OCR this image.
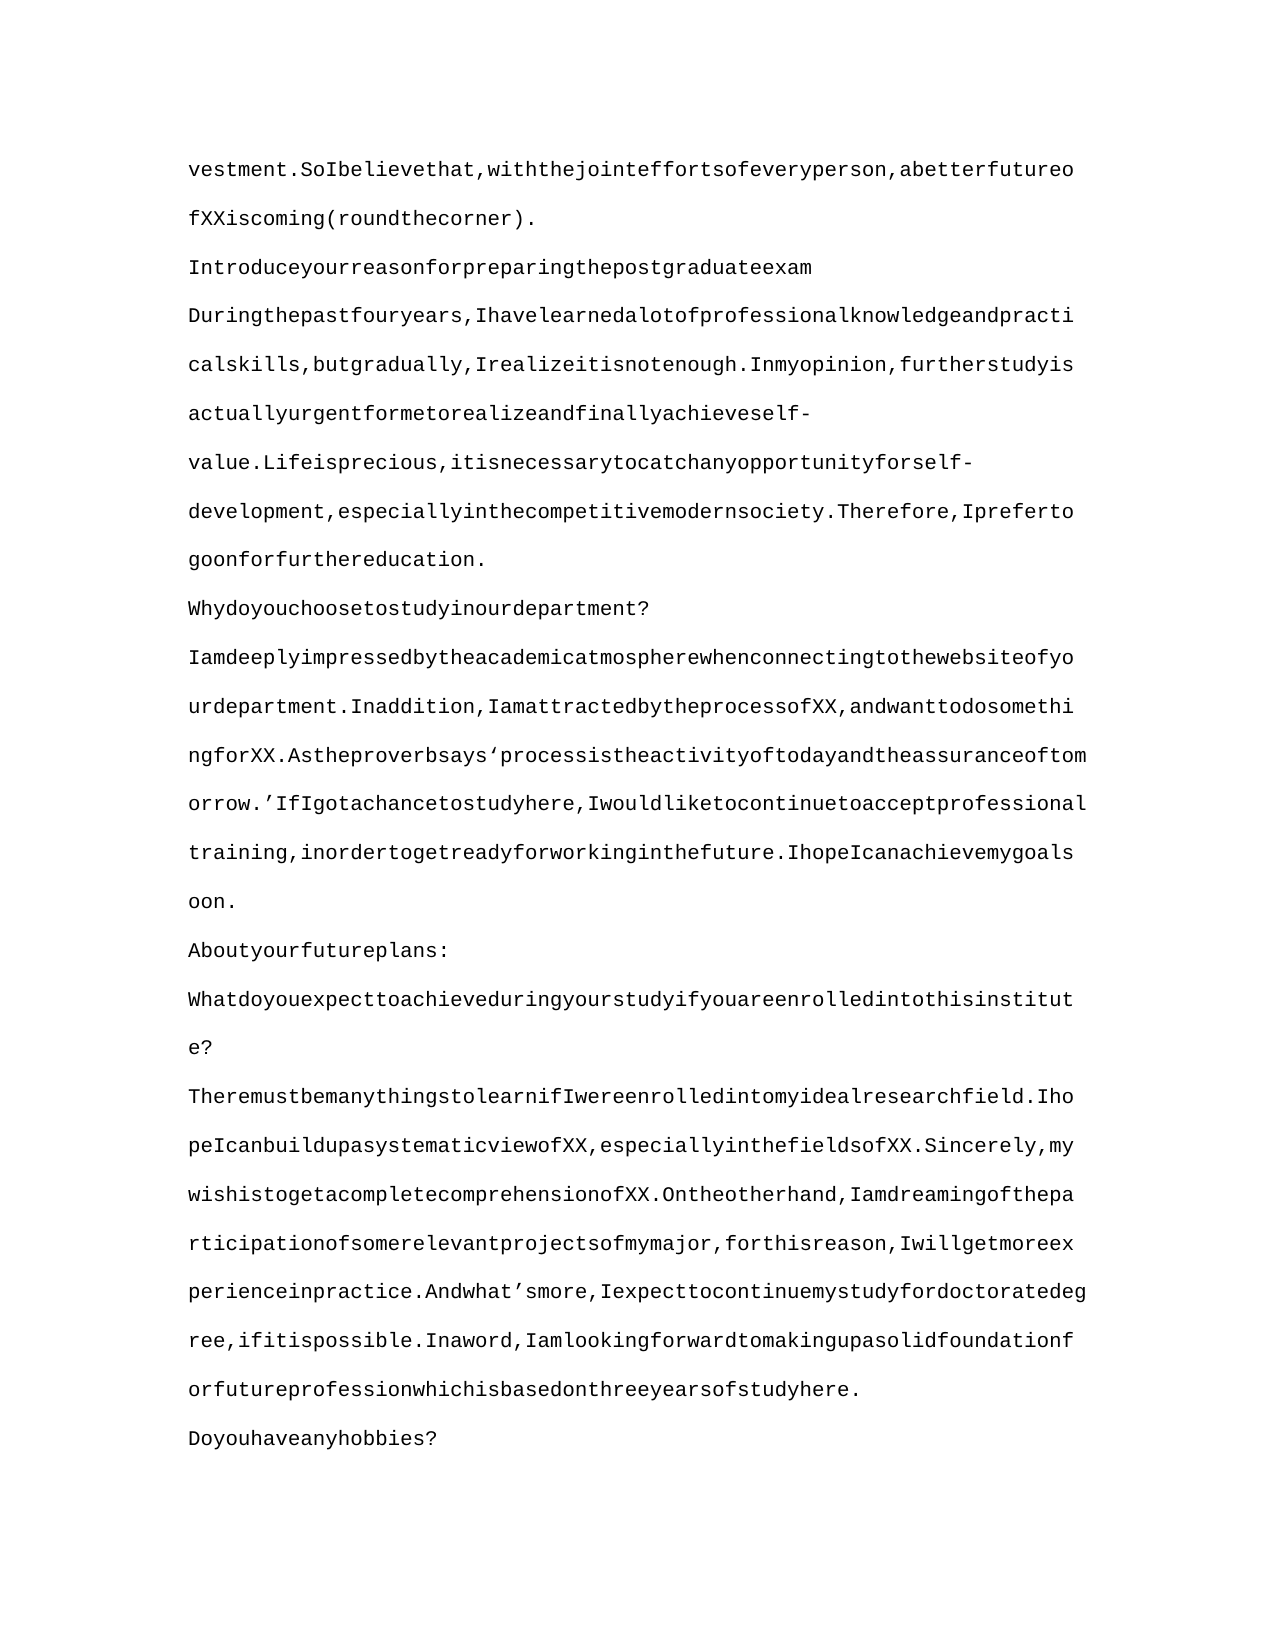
vestment.SoIbelievethat,withthejointeffortsofeveryperson,abetterfutureo
fXXiscoming(roundthecorner).
Introduceyourreasonforpreparingthepostgraduateexam
Duringthepastfouryears,Ihavelearnedalotofprofessionalknowledgeandpracti
calskills,butgradually,Irealizeitisnotenough.Inmyopinion,furtherstudyis
actuallyurgentformetorealizeandfinallyachieveself-
value.Lifeisprecious,itisnecessarytocatchanyopportunityforself-
development,especiallyinthecompetitivemodernsociety.Therefore,Ipreferto
goonforfurthereducation.
Whydoyouchoosetostudyinourdepartment?
Iamdeeplyimpressedbytheacademicatmospherewhenconnectingtothewebsiteofyo
urdepartment.Inaddition,IamattractedbytheprocessofXX,andwanttodosomethi
ngforXX.Astheproverbsays‘processistheactivityoftodayandtheassuranceoftom
orrow.’IfIgotachancetostudyhere,Iwouldliketocontinuetoacceptprofessional
training,inordertogetreadyforworkinginthefuture.IhopeIcanachievemygoals
oon.
Aboutyourfutureplans:
Whatdoyouexpecttoachieveduringyourstudyifyouareenrolledintothisinstitut
e?
TheremustbemanythingstolearnifIwereenrolledintomyidealresearchfield.Iho
peIcanbuildupasystematicviewofXX,especiallyinthefieldsofXX.Sincerely,my
wishistogetacompletecomprehensionofXX.Ontheotherhand,Iamdreamingofthepa
rticipationofsomerelevantprojectsofmymajor,forthisreason,Iwillgetmoreex
perienceinpractice.Andwhat’smore,Iexpecttocontinuemystudyfordoctoratedeg
ree,ifitispossible.Inaword,Iamlookingforwardtomakingupasolidfoundationf
orfutureprofessionwhichisbasedonthreeyearsofstudyhere.
Doyouhaveanyhobbies?
